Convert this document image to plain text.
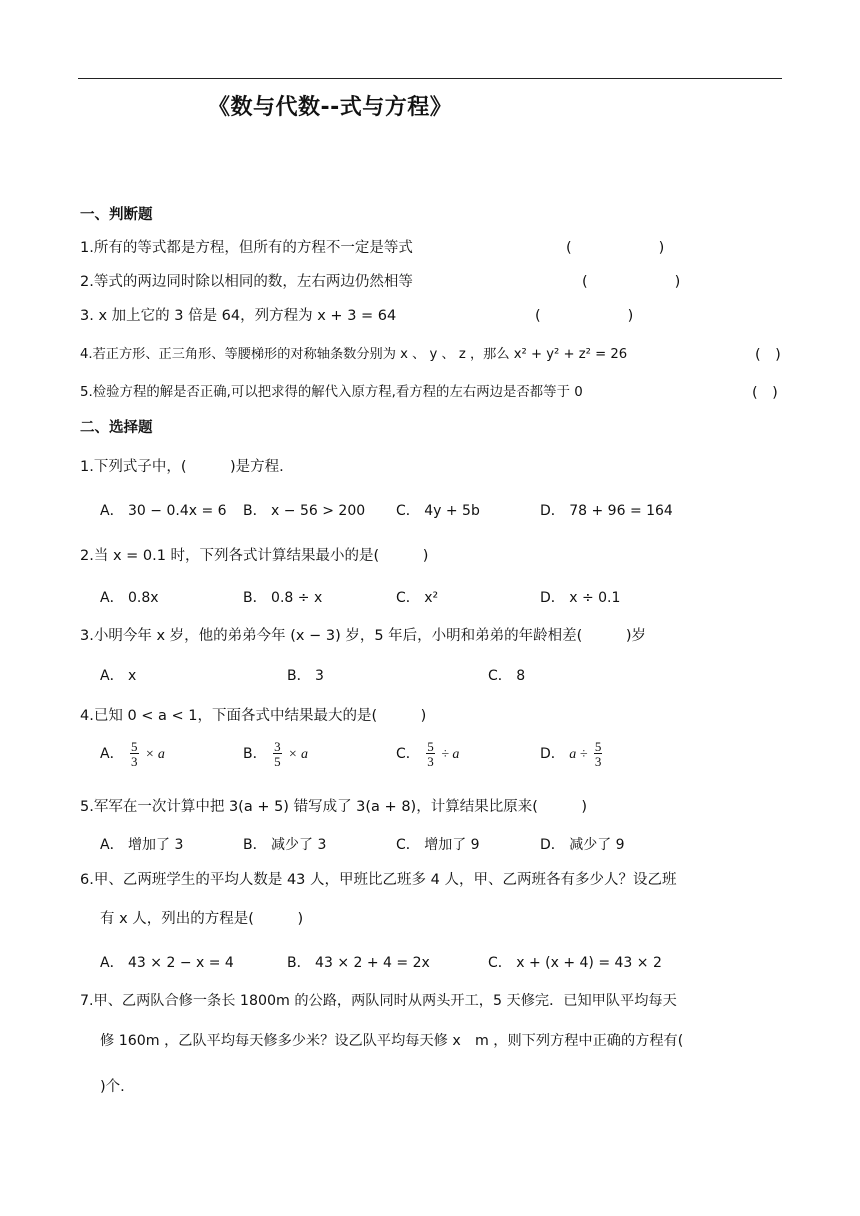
《数与代数--式与方程》
一、判断题
1.所有的等式都是方程，但所有的方程不一定是等式	(　　　　　　)
2.等式的两边同时除以相同的数，左右两边仍然相等	(　　　　　　)
3. x 加上它的 3 倍是 64，列方程为 x + 3 = 64	(　　　　　　)
4.若正方形、正三角形、等腰梯形的对称轴条数分别为 x 、 y 、 z ，那么 x² + y² + z² = 26	(　)
5.检验方程的解是否正确,可以把求得的解代入原方程,看方程的左右两边是否都等于 0	(　)
二、选择题
1.下列式子中，(　　　)是方程.
A． 30 − 0.4x = 6 B． x − 56 > 200 C． 4y + 5b	D． 78 + 96 = 164
2.当 x = 0.1 时，下列各式计算结果最小的是(　　　)
A． 0.8x	B． 0.8 ÷ x	C． x²	D． x ÷ 0.1
3.小明今年 x 岁，他的弟弟今年 (x − 3) 岁，5 年后，小明和弟弟的年龄相差(　　　)岁
A． x	B． 3	C． 8
4.已知 0 < a < 1，下面各式中结果最大的是(　　　)
A． $\frac{5}{3} \times a$	B． $\frac{3}{5} \times a$	C． $\frac{5}{3} \div a$	D． $a \div \frac{5}{3}$
5.军军在一次计算中把 3(a + 5) 错写成了 3(a + 8)，计算结果比原来(　　　)
A． 增加了 3	B． 减少了 3	C． 增加了 9	D． 减少了 9
6.甲、乙两班学生的平均人数是 43 人，甲班比乙班多 4 人，甲、乙两班各有多少人？设乙班
有 x 人，列出的方程是(　　　)
A． 43 × 2 − x = 4	B． 43 × 2 + 4 = 2x	C． x + (x + 4) = 43 × 2
7.甲、乙两队合修一条长 1800m 的公路，两队同时从两头开工，5 天修完．已知甲队平均每天
修 160m ，乙队平均每天修多少米？设乙队平均每天修 x　m ，则下列方程中正确的方程有(
)个.
